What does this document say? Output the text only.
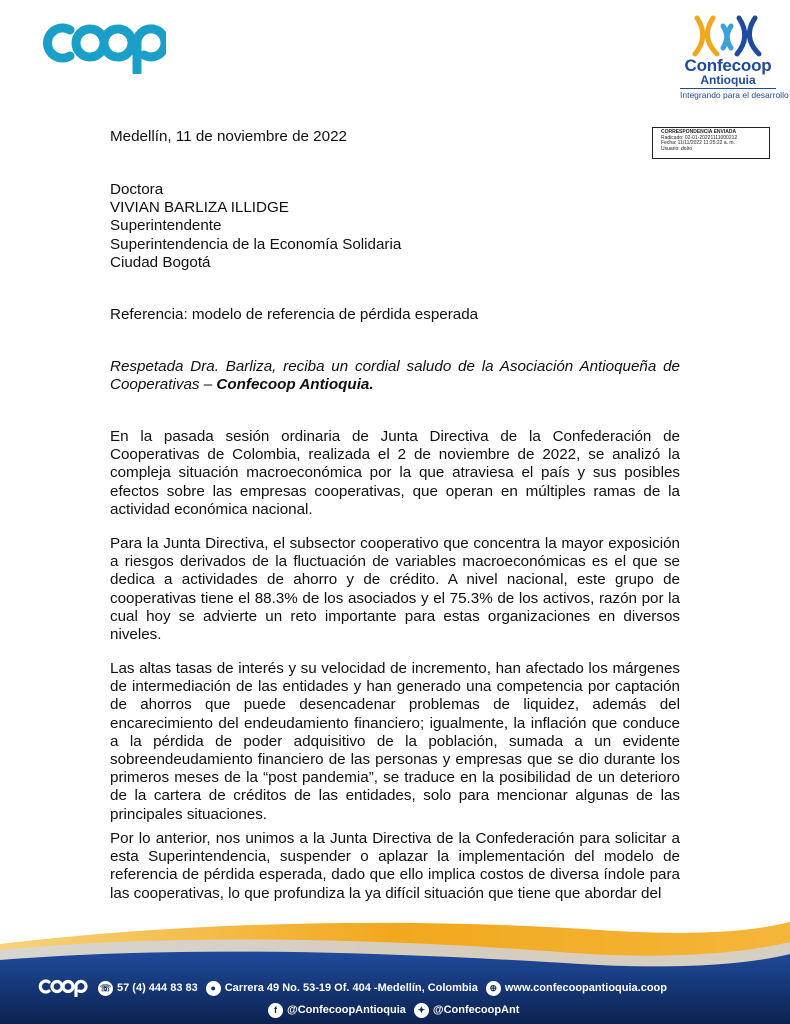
Confecoop
Antioquia
Integrando para el desarrollo
CORRESPONDENCIA ENVIADA
Radicado: 02-01-20221111000212
Fecha: 11/11/2022 11:25:22 a. m.
Usuario: dolro
Medellín, 11 de noviembre de 2022
Doctora
VIVIAN BARLIZA ILLIDGE
Superintendente
Superintendencia de la Economía Solidaria
Ciudad Bogotá
Referencia: modelo de referencia de pérdida esperada
Respetada Dra. Barliza, reciba un cordial saludo de la Asociación Antioqueña de Cooperativas – Confecoop Antioquia.
En la pasada sesión ordinaria de Junta Directiva de la Confederación de Cooperativas de Colombia, realizada el 2 de noviembre de 2022, se analizó la compleja situación macroeconómica por la que atraviesa el país y sus posibles efectos sobre las empresas cooperativas, que operan en múltiples ramas de la actividad económica nacional.
Para la Junta Directiva, el subsector cooperativo que concentra la mayor exposición a riesgos derivados de la fluctuación de variables macroeconómicas es el que se dedica a actividades de ahorro y de crédito. A nivel nacional, este grupo de cooperativas tiene el 88.3% de los asociados y el 75.3% de los activos, razón por la cual hoy se advierte un reto importante para estas organizaciones en diversos niveles.
Las altas tasas de interés y su velocidad de incremento, han afectado los márgenes de intermediación de las entidades y han generado una competencia por captación de ahorros que puede desencadenar problemas de liquidez, además del encarecimiento del endeudamiento financiero; igualmente, la inflación que conduce a la pérdida de poder adquisitivo de la población, sumada a un evidente sobreendeudamiento financiero de las personas y empresas que se dio durante los primeros meses de la “post pandemia”, se traduce en la posibilidad de un deterioro de la cartera de créditos de las entidades, solo para mencionar algunas de las principales situaciones.
Por lo anterior, nos unimos a la Junta Directiva de la Confederación para solicitar a esta Superintendencia, suspender o aplazar la implementación del modelo de referencia de pérdida esperada, dado que ello implica costos de diversa índole para las cooperativas, lo que profundiza la ya difícil situación que tiene que abordar del
☏ 57 (4) 444 83 83	● Carrera 49 No. 53-19 Of. 404 -Medellín, Colombia	⊕ www.confecoopantioquia.coop
f @ConfecoopAntioquia	✦ @ConfecoopAnt
